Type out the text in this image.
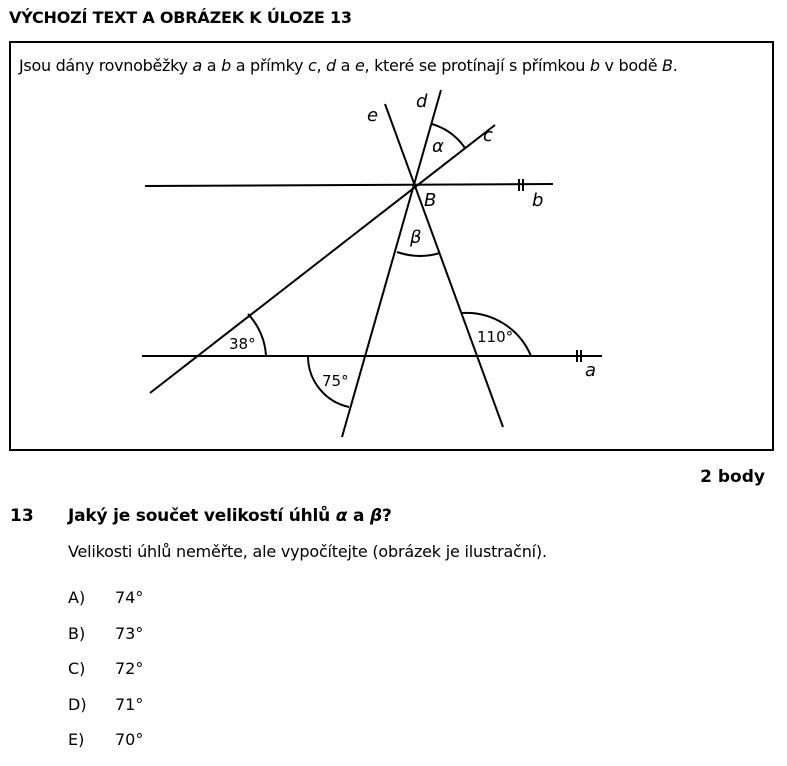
VÝCHOZÍ TEXT A OBRÁZEK K ÚLOZE 13

Jsou dány rovnoběžky a a b a přímky c, d a e, které se protínají s přímkou b v bodě B.

e
d
c
α
B	b
β
38°
75°
110°
a
2 body
13 Jaký je součet velikostí úhlů α a β?
Velikosti úhlů neměřte, ale vypočítejte (obrázek je ilustrační).
A) 74°
B) 73°
C) 72°
D) 71°
E) 70°
